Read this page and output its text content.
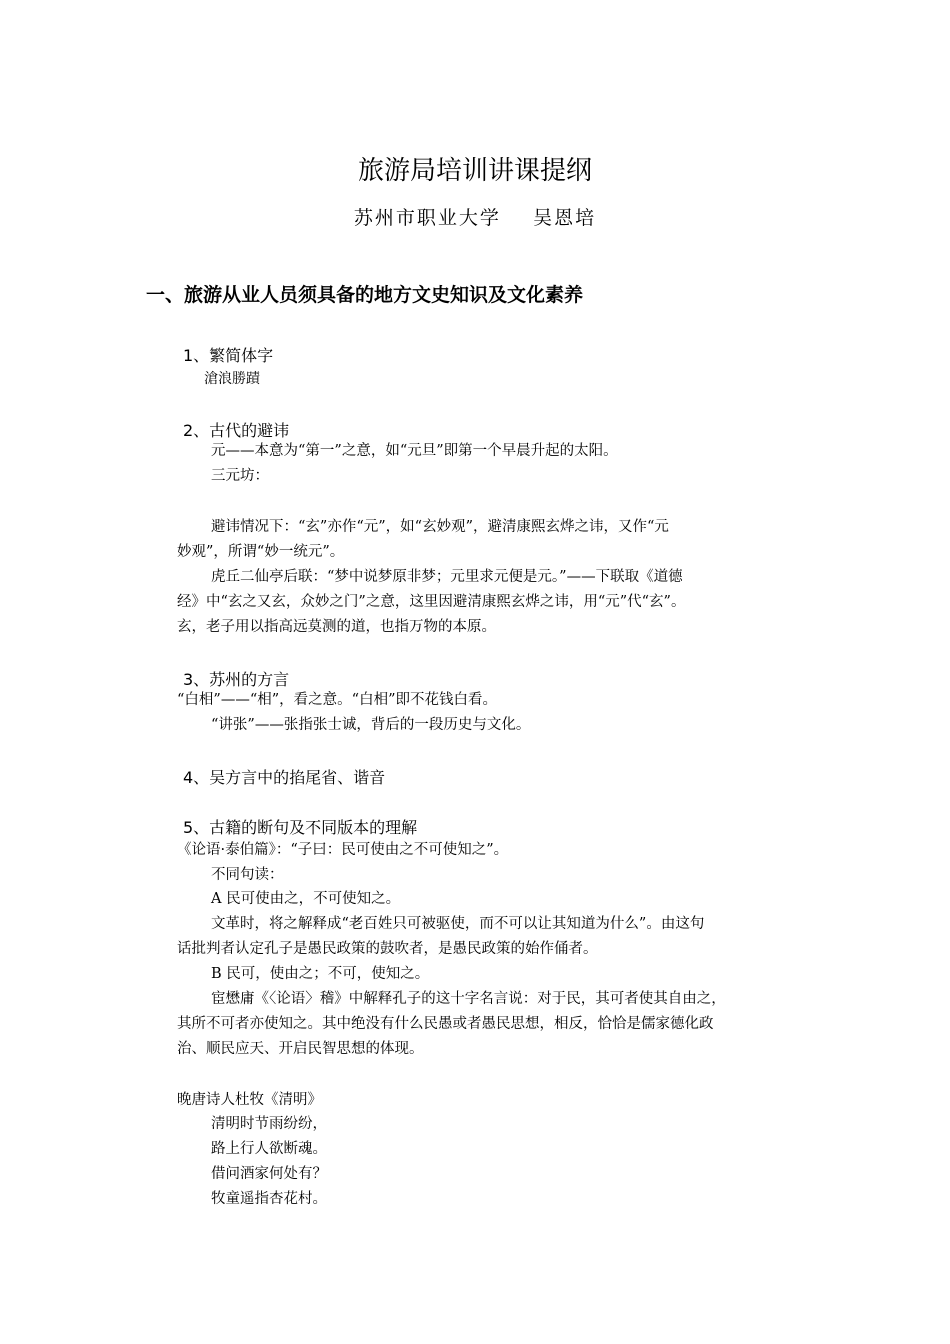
旅游局培训讲课提纲
苏州市职业大学    吴恩培
一、旅游从业人员须具备的地方文史知识及文化素养
1、繁简体字
滄浪勝蹟
2、古代的避讳
元——本意为“第一”之意，如“元旦”即第一个早晨升起的太阳。
三元坊：
避讳情况下：“玄”亦作“元”，如“玄妙观”，避清康熙玄烨之讳，又作“元
妙观”，所谓“妙一统元”。
虎丘二仙亭后联：“梦中说梦原非梦；元里求元便是元。”——下联取《道德
经》中“玄之又玄，众妙之门”之意，这里因避清康熙玄烨之讳，用“元”代“玄”。
玄，老子用以指高远莫测的道，也指万物的本原。
3、苏州的方言
“白相”——“相”，看之意。“白相”即不花钱白看。
“讲张”——张指张士诚，背后的一段历史与文化。
4、吴方言中的掐尾省、谐音
5、古籍的断句及不同版本的理解
《论语·泰伯篇》：“子曰：民可使由之不可使知之”。
不同句读：
A 民可使由之，不可使知之。
文革时，将之解释成“老百姓只可被驱使，而不可以让其知道为什么”。由这句
话批判者认定孔子是愚民政策的鼓吹者，是愚民政策的始作俑者。
B 民可，使由之；不可，使知之。
宦懋庸《〈论语〉稽》中解释孔子的这十字名言说：对于民，其可者使其自由之，
其所不可者亦使知之。其中绝没有什么民愚或者愚民思想，相反，恰恰是儒家德化政
治、顺民应天、开启民智思想的体现。
晚唐诗人杜牧《清明》
清明时节雨纷纷，
路上行人欲断魂。
借问酒家何处有？
牧童遥指杏花村。
